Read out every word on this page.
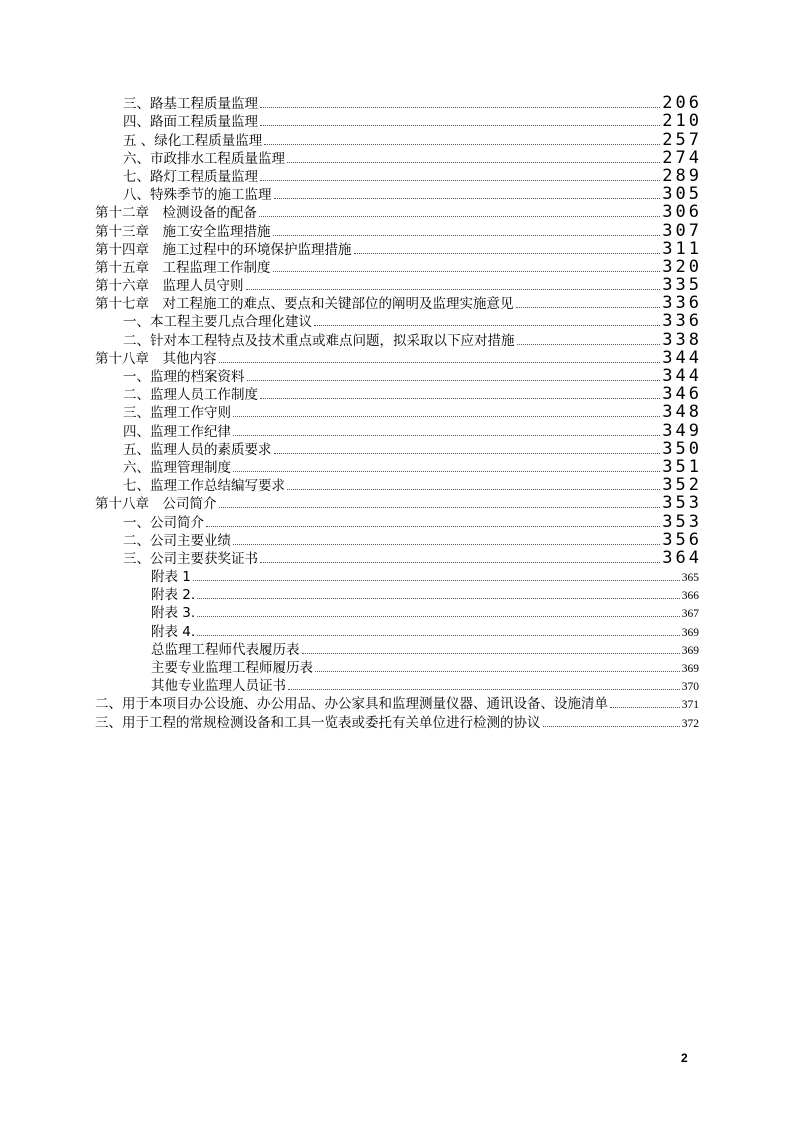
三、路基工程质量监理	206
四、路面工程质量监理	210
五 、绿化工程质量监理	257
六、市政排水工程质量监理	274
七、路灯工程质量监理	289
八、特殊季节的施工监理	305
第十二章　检测设备的配备	306
第十三章　施工安全监理措施	307
第十四章　施工过程中的环境保护监理措施	311
第十五章　工程监理工作制度	320
第十六章　监理人员守则	335
第十七章　对工程施工的难点、要点和关键部位的阐明及监理实施意见	336
一、本工程主要几点合理化建议	336
二、针对本工程特点及技术重点或难点问题，拟采取以下应对措施	338
第十八章　其他内容	344
一、监理的档案资料	344
二、监理人员工作制度	346
三、监理工作守则	348
四、监理工作纪律	349
五、监理人员的素质要求	350
六、监理管理制度	351
七、监理工作总结编写要求	352
第十八章　公司简介	353
一、公司简介	353
二、公司主要业绩	356
三、公司主要获奖证书	364
附表 1	365
附表 2.	366
附表 3.	367
附表 4.	369
总监理工程师代表履历表	369
主要专业监理工程师履历表	369
其他专业监理人员证书	370
二、用于本项目办公设施、办公用品、办公家具和监理测量仪器、通讯设备、设施清单	371
三、用于工程的常规检测设备和工具一览表或委托有关单位进行检测的协议	372
2
